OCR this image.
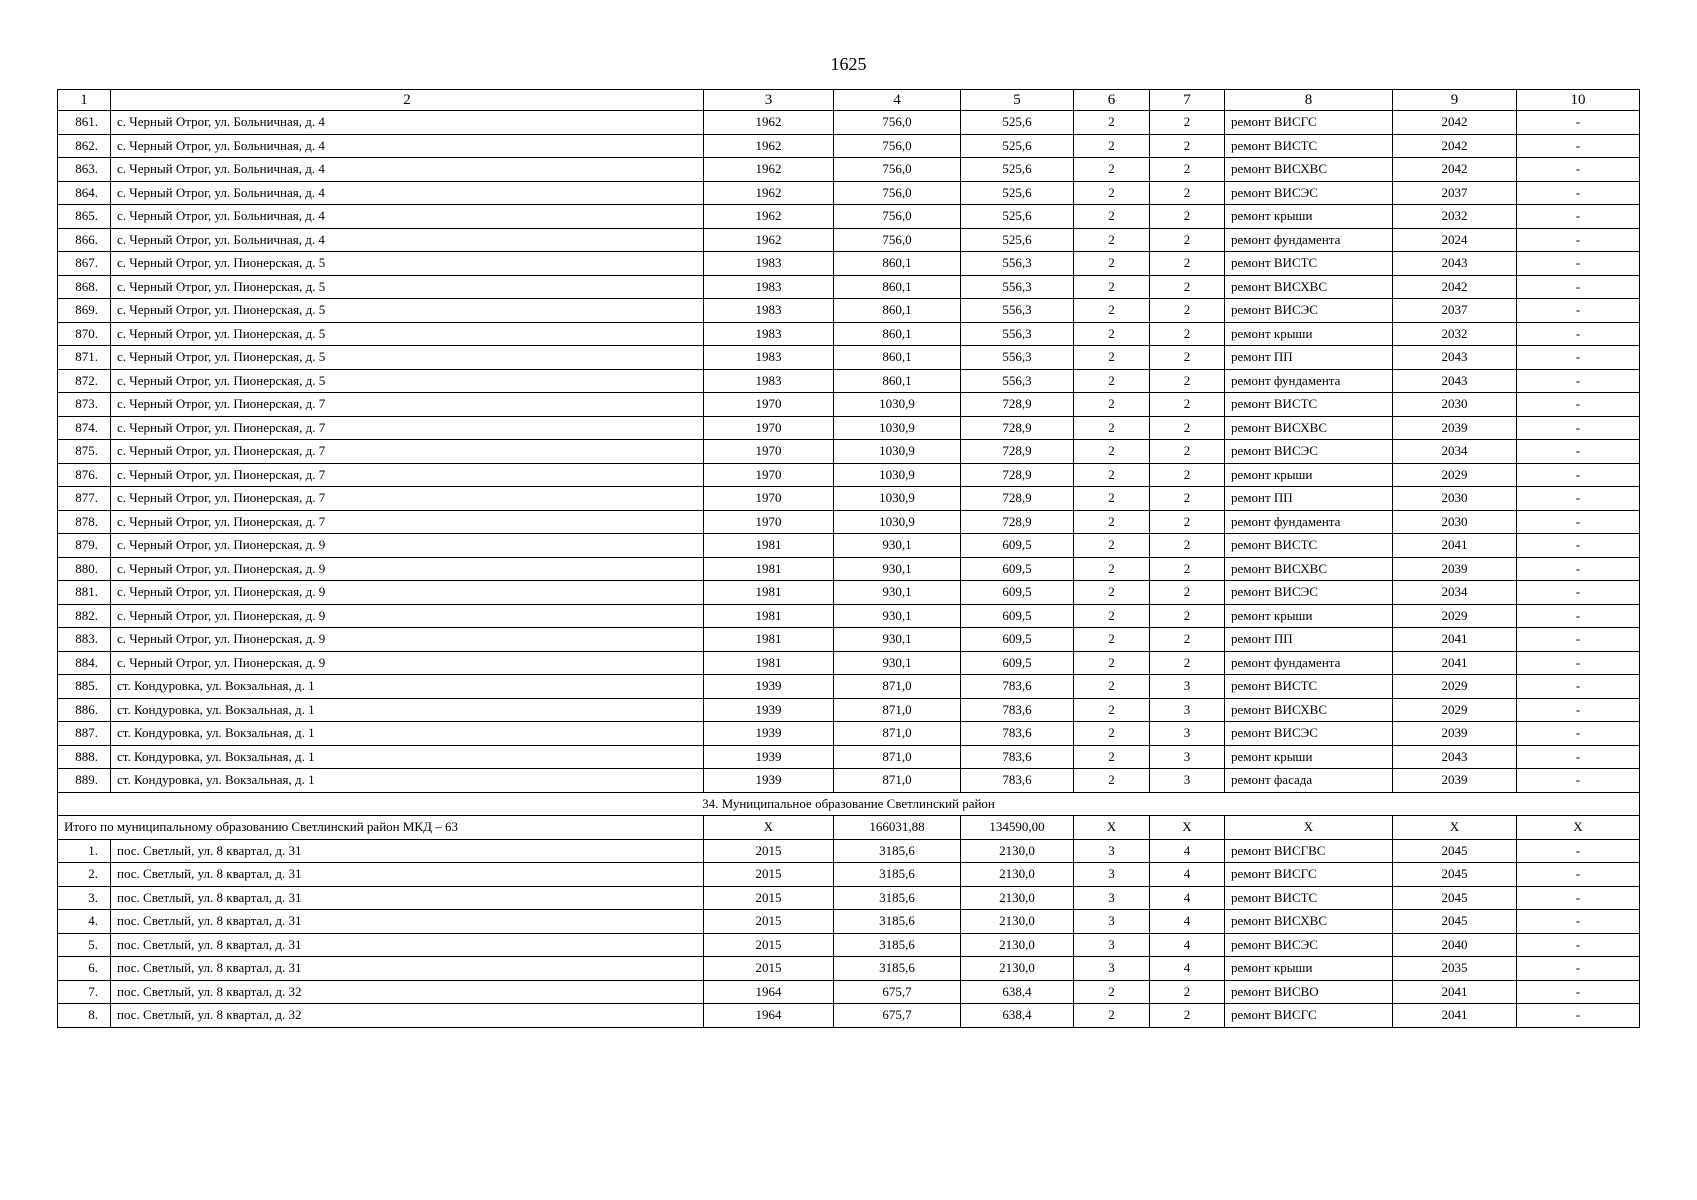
1625
1	2	3	4	5	6	7	8	9	10
861.	с. Черный Отрог, ул. Больничная, д. 4	1962	756,0	525,6	2	2	ремонт ВИСГС	2042	-
862.	с. Черный Отрог, ул. Больничная, д. 4	1962	756,0	525,6	2	2	ремонт ВИСТС	2042	-
863.	с. Черный Отрог, ул. Больничная, д. 4	1962	756,0	525,6	2	2	ремонт ВИСХВС	2042	-
864.	с. Черный Отрог, ул. Больничная, д. 4	1962	756,0	525,6	2	2	ремонт ВИСЭС	2037	-
865.	с. Черный Отрог, ул. Больничная, д. 4	1962	756,0	525,6	2	2	ремонт крыши	2032	-
866.	с. Черный Отрог, ул. Больничная, д. 4	1962	756,0	525,6	2	2	ремонт фундамента	2024	-
867.	с. Черный Отрог, ул. Пионерская, д. 5	1983	860,1	556,3	2	2	ремонт ВИСТС	2043	-
868.	с. Черный Отрог, ул. Пионерская, д. 5	1983	860,1	556,3	2	2	ремонт ВИСХВС	2042	-
869.	с. Черный Отрог, ул. Пионерская, д. 5	1983	860,1	556,3	2	2	ремонт ВИСЭС	2037	-
870.	с. Черный Отрог, ул. Пионерская, д. 5	1983	860,1	556,3	2	2	ремонт крыши	2032	-
871.	с. Черный Отрог, ул. Пионерская, д. 5	1983	860,1	556,3	2	2	ремонт ПП	2043	-
872.	с. Черный Отрог, ул. Пионерская, д. 5	1983	860,1	556,3	2	2	ремонт фундамента	2043	-
873.	с. Черный Отрог, ул. Пионерская, д. 7	1970	1030,9	728,9	2	2	ремонт ВИСТС	2030	-
874.	с. Черный Отрог, ул. Пионерская, д. 7	1970	1030,9	728,9	2	2	ремонт ВИСХВС	2039	-
875.	с. Черный Отрог, ул. Пионерская, д. 7	1970	1030,9	728,9	2	2	ремонт ВИСЭС	2034	-
876.	с. Черный Отрог, ул. Пионерская, д. 7	1970	1030,9	728,9	2	2	ремонт крыши	2029	-
877.	с. Черный Отрог, ул. Пионерская, д. 7	1970	1030,9	728,9	2	2	ремонт ПП	2030	-
878.	с. Черный Отрог, ул. Пионерская, д. 7	1970	1030,9	728,9	2	2	ремонт фундамента	2030	-
879.	с. Черный Отрог, ул. Пионерская, д. 9	1981	930,1	609,5	2	2	ремонт ВИСТС	2041	-
880.	с. Черный Отрог, ул. Пионерская, д. 9	1981	930,1	609,5	2	2	ремонт ВИСХВС	2039	-
881.	с. Черный Отрог, ул. Пионерская, д. 9	1981	930,1	609,5	2	2	ремонт ВИСЭС	2034	-
882.	с. Черный Отрог, ул. Пионерская, д. 9	1981	930,1	609,5	2	2	ремонт крыши	2029	-
883.	с. Черный Отрог, ул. Пионерская, д. 9	1981	930,1	609,5	2	2	ремонт ПП	2041	-
884.	с. Черный Отрог, ул. Пионерская, д. 9	1981	930,1	609,5	2	2	ремонт фундамента	2041	-
885.	ст. Кондуровка, ул. Вокзальная, д. 1	1939	871,0	783,6	2	3	ремонт ВИСТС	2029	-
886.	ст. Кондуровка, ул. Вокзальная, д. 1	1939	871,0	783,6	2	3	ремонт ВИСХВС	2029	-
887.	ст. Кондуровка, ул. Вокзальная, д. 1	1939	871,0	783,6	2	3	ремонт ВИСЭС	2039	-
888.	ст. Кондуровка, ул. Вокзальная, д. 1	1939	871,0	783,6	2	3	ремонт крыши	2043	-
889.	ст. Кондуровка, ул. Вокзальная, д. 1	1939	871,0	783,6	2	3	ремонт фасада	2039	-
34. Муниципальное образование Светлинский район									
Итого по муниципальному образованию Светлинский район МКД – 63		X	166031,88	134590,00	X	X	X	X	X
1.	пос. Светлый, ул. 8 квартал, д. 31	2015	3185,6	2130,0	3	4	ремонт ВИСГВС	2045	-
2.	пос. Светлый, ул. 8 квартал, д. 31	2015	3185,6	2130,0	3	4	ремонт ВИСГС	2045	-
3.	пос. Светлый, ул. 8 квартал, д. 31	2015	3185,6	2130,0	3	4	ремонт ВИСТС	2045	-
4.	пос. Светлый, ул. 8 квартал, д. 31	2015	3185,6	2130,0	3	4	ремонт ВИСХВС	2045	-
5.	пос. Светлый, ул. 8 квартал, д. 31	2015	3185,6	2130,0	3	4	ремонт ВИСЭС	2040	-
6.	пос. Светлый, ул. 8 квартал, д. 31	2015	3185,6	2130,0	3	4	ремонт крыши	2035	-
7.	пос. Светлый, ул. 8 квартал, д. 32	1964	675,7	638,4	2	2	ремонт ВИСВО	2041	-
8.	пос. Светлый, ул. 8 квартал, д. 32	1964	675,7	638,4	2	2	ремонт ВИСГС	2041	-
